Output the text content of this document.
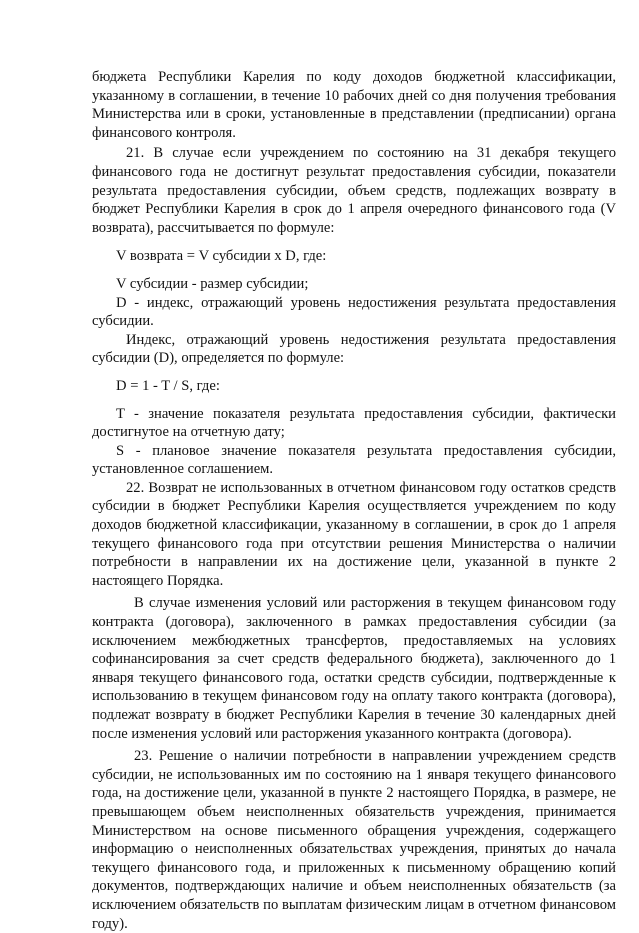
бюджета Республики Карелия по коду доходов бюджетной классификации, указанному в соглашении, в течение 10 рабочих дней со дня получения требования Министерства или в сроки, установленные в представлении (предписании) органа финансового контроля.

21. В случае если учреждением по состоянию на 31 декабря текущего финансового года не достигнут результат предоставления субсидии, показатели результата предоставления субсидии, объем средств, подлежащих возврату в бюджет Республики Карелия в срок до 1 апреля очередного финансового года (V возврата), рассчитывается по формуле:

V возврата = V субсидии х D, где:

V субсидии - размер субсидии;

D - индекс, отражающий уровень недостижения результата предоставления субсидии.

Индекс, отражающий уровень недостижения результата предоставления субсидии (D), определяется по формуле:

D = 1 - T / S, где:

T - значение показателя результата предоставления субсидии, фактически достигнутое на отчетную дату;

S - плановое значение показателя результата предоставления субсидии, установленное соглашением.

22. Возврат не использованных в отчетном финансовом году остатков средств субсидии в бюджет Республики Карелия осуществляется учреждением по коду доходов бюджетной классификации, указанному в соглашении, в срок до 1 апреля текущего финансового года при отсутствии решения Министерства о наличии потребности в направлении их на достижение цели, указанной в пункте 2 настоящего Порядка.

В случае изменения условий или расторжения в текущем финансовом году контракта (договора), заключенного в рамках предоставления субсидии (за исключением межбюджетных трансфертов, предоставляемых на условиях софинансирования за счет средств федерального бюджета), заключенного до 1 января текущего финансового года, остатки средств субсидии, подтвержденные к использованию в текущем финансовом году на оплату такого контракта (договора), подлежат возврату в бюджет Республики Карелия в течение 30 календарных дней после изменения условий или расторжения указанного контракта (договора).

23. Решение о наличии потребности в направлении учреждением средств субсидии, не использованных им по состоянию на 1 января текущего финансового года, на достижение цели, указанной в пункте 2 настоящего Порядка, в размере, не превышающем объем неисполненных обязательств учреждения, принимается Министерством на основе письменного обращения учреждения, содержащего информацию о неисполненных обязательствах учреждения, принятых до начала текущего финансового года, и приложенных к письменному обращению копий документов, подтверждающих наличие и объем неисполненных обязательств (за исключением обязательств по выплатам физическим лицам в отчетном финансовом году).
